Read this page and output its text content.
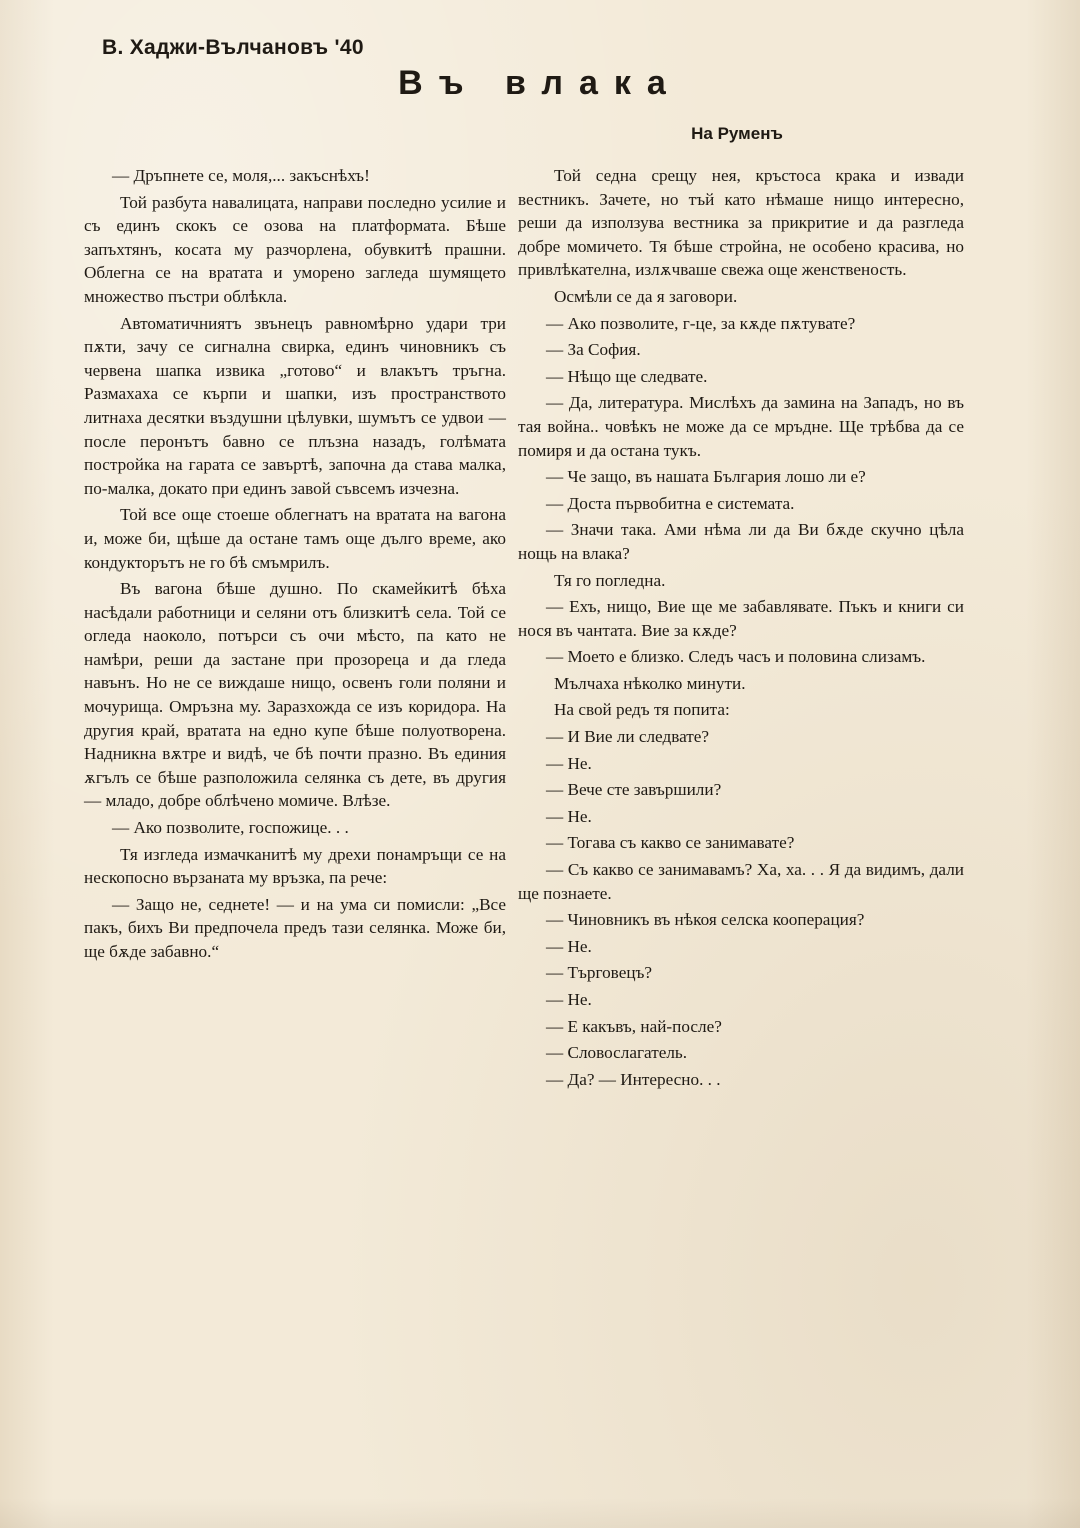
В. Хаджи-Вълчановъ '40
Въ влака
На Руменъ

— Дръпнете се, моля,... закъснѣхъ!

Той разбута навалицата, направи последно усилие и съ единъ скокъ се озова на платформата. Бѣше запъхтянъ, косата му разчорлена, обувкитѣ прашни. Облегна се на вратата и уморено загледа шумящето множество пъстри облѣкла.

Автоматичниятъ звънецъ равномѣрно удари три пѫти, зачу се сигнална свирка, единъ чиновникъ съ червена шапка извика „готово“ и влакътъ тръгна. Размахаха се кърпи и шапки, изъ пространството литнаха десятки въздушни цѣлувки, шумътъ се удвои — после перонътъ бавно се плъзна назадъ, голѣмата постройка на гарата се завъртѣ, започна да става малка, по-малка, докато при единъ завой съвсемъ изчезна.

Той все още стоеше облегнатъ на вратата на вагона и, може би, щѣше да остане тамъ още дълго време, ако кондукторътъ не го бѣ смъмрилъ.

Въ вагона бѣше душно. По скамейкитѣ бѣха насѣдали работници и селяни отъ близкитѣ села. Той се огледа наоколо, потърси съ очи мѣсто, па като не намѣри, реши да застане при прозореца и да гледа навънъ. Но не се виждаше нищо, освенъ голи поляни и мочурища. Омръзна му. Заразхожда се изъ коридора. На другия край, вратата на едно купе бѣше полуотворена. Надникна вѫтре и видѣ, че бѣ почти празно. Въ единия ѫгълъ се бѣше разположила селянка съ дете, въ другия — младо, добре облѣчено момиче. Влѣзе.

— Ако позволите, госпожице. . .

Тя изгледа измачканитѣ му дрехи понамръщи се на нескопосно вързаната му връзка, па рече:

— Защо не, седнете! — и на ума си помисли: „Все пакъ, бихъ Ви предпочела предъ тази селянка. Може би, ще бѫде забавно.“

Той седна срещу нея, кръстоса крака и извади вестникъ. Зачете, но тъй като нѣмаше нищо интересно, реши да използува вестника за прикритие и да разгледа добре момичето. Тя бѣше стройна, не особено красива, но привлѣкателна, излѫчваше свежа още женственость.

Осмѣли се да я заговори.

— Ако позволите, г-це, за кѫде пѫтувате?

— За София.

— Нѣщо ще следвате.

— Да, литература. Мислѣхъ да замина на Западъ, но въ тая война.. човѣкъ не може да се мръдне. Ще трѣбва да се помиря и да остана тукъ.

— Че защо, въ нашата България лошо ли е?

— Доста първобитна е системата.

— Значи така. Ами нѣма ли да Ви бѫде скучно цѣла нощь на влака?

Тя го погледна.

— Ехъ, нищо, Вие ще ме забавлявате. Пъкъ и книги си нося въ чантата. Вие за кѫде?

— Моето е близко. Следъ часъ и половина слизамъ.

Мълчаха нѣколко минути.

На свой редъ тя попита:

— И Вие ли следвате?

— Не.

— Вече сте завършили?

— Не.

— Тогава съ какво се занимавате?

— Съ какво се занимавамъ? Ха, ха. . . Я да видимъ, дали ще познаете.

— Чиновникъ въ нѣкоя селска кооперация?

— Не.

— Търговецъ?

— Не.

— Е какъвъ, най-после?

— Словослагатель.

— Да? — Интересно. . .
